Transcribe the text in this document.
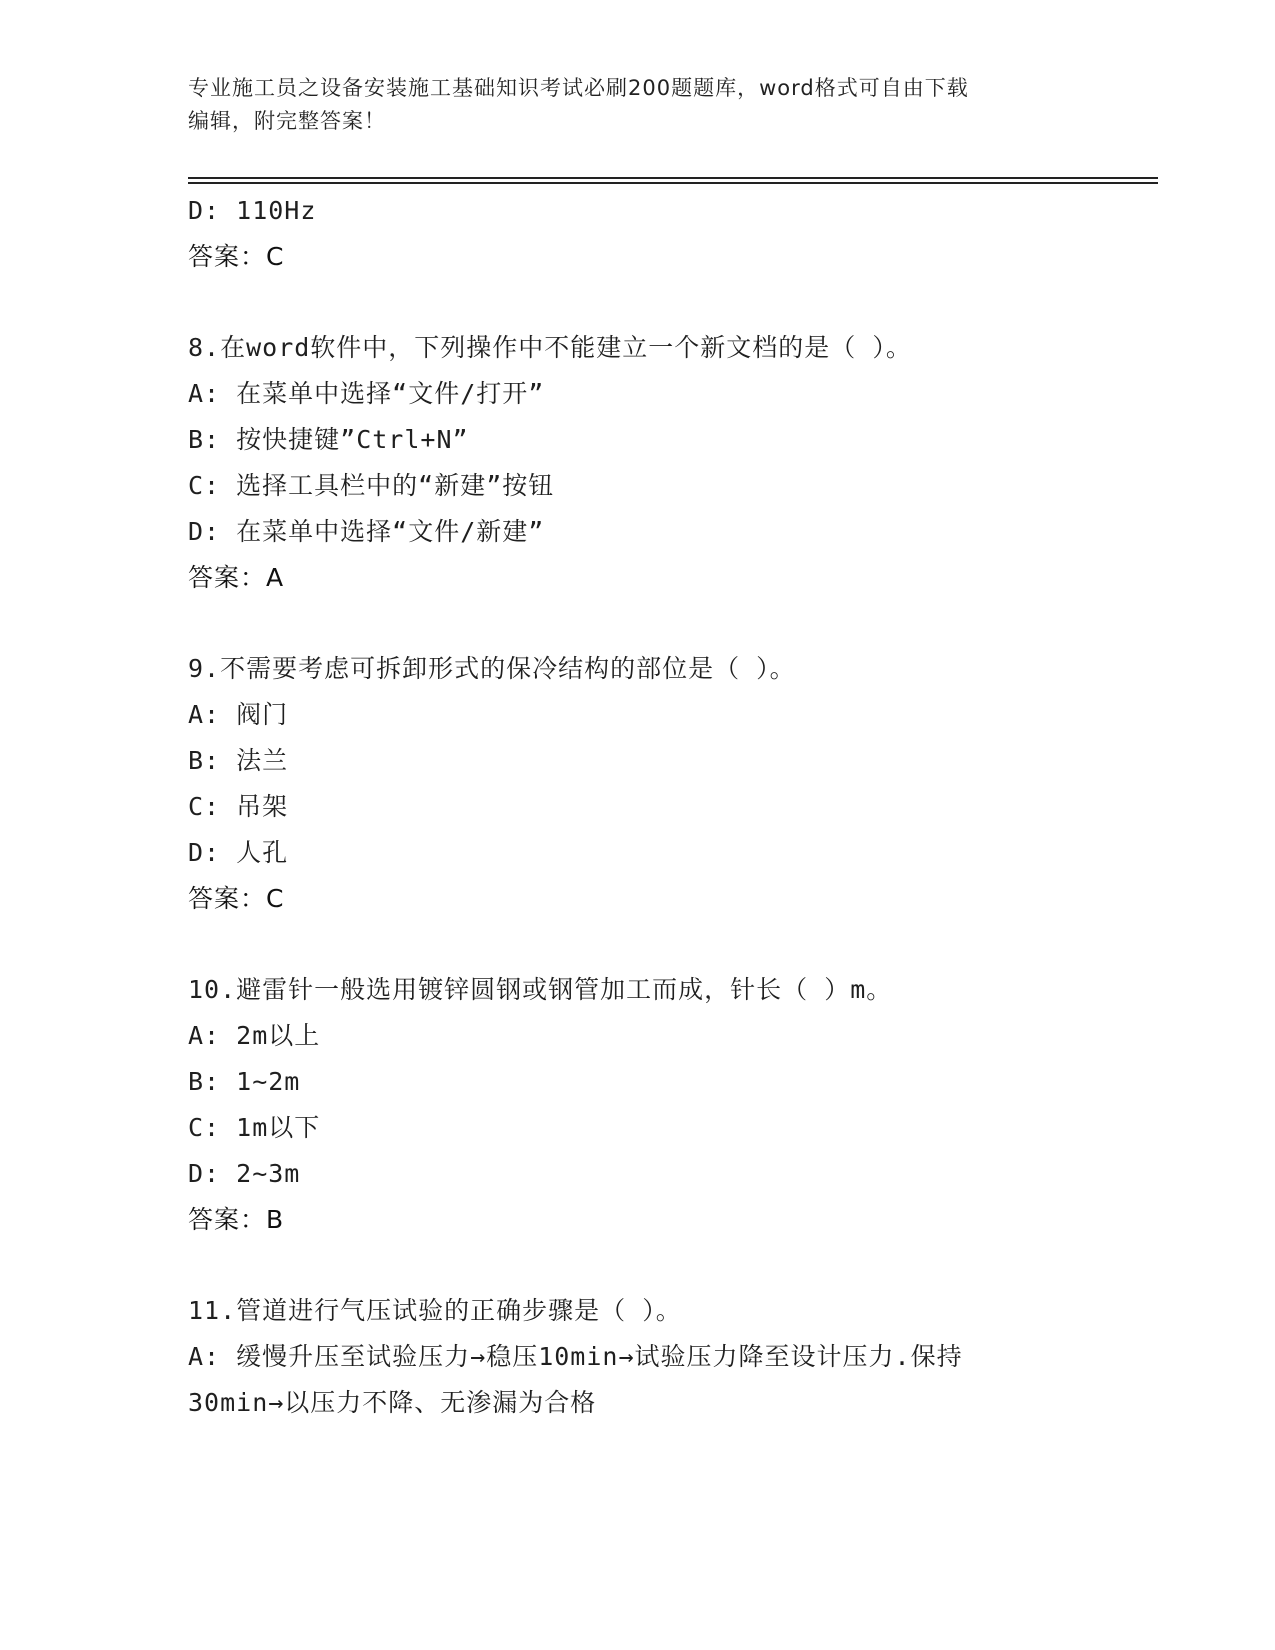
专业施工员之设备安装施工基础知识考试必刷200题题库，word格式可自由下载
编辑，附完整答案！
D: 110Hz
答案：C
8.在word软件中，下列操作中不能建立一个新文档的是（ ）。
A: 在菜单中选择“文件/打开”
B: 按快捷键”Ctrl+N”
C: 选择工具栏中的“新建”按钮
D: 在菜单中选择“文件/新建”
答案：A
9.不需要考虑可拆卸形式的保冷结构的部位是（ ）。
A: 阀门
B: 法兰
C: 吊架
D: 人孔
答案：C
10.避雷针一般选用镀锌圆钢或钢管加工而成，针长（ ）m。
A: 2m以上
B: 1~2m
C: 1m以下
D: 2~3m
答案：B
11.管道进行气压试验的正确步骤是（ ）。
A: 缓慢升压至试验压力→稳压10min→试验压力降至设计压力.保持
30min→以压力不降、无渗漏为合格
